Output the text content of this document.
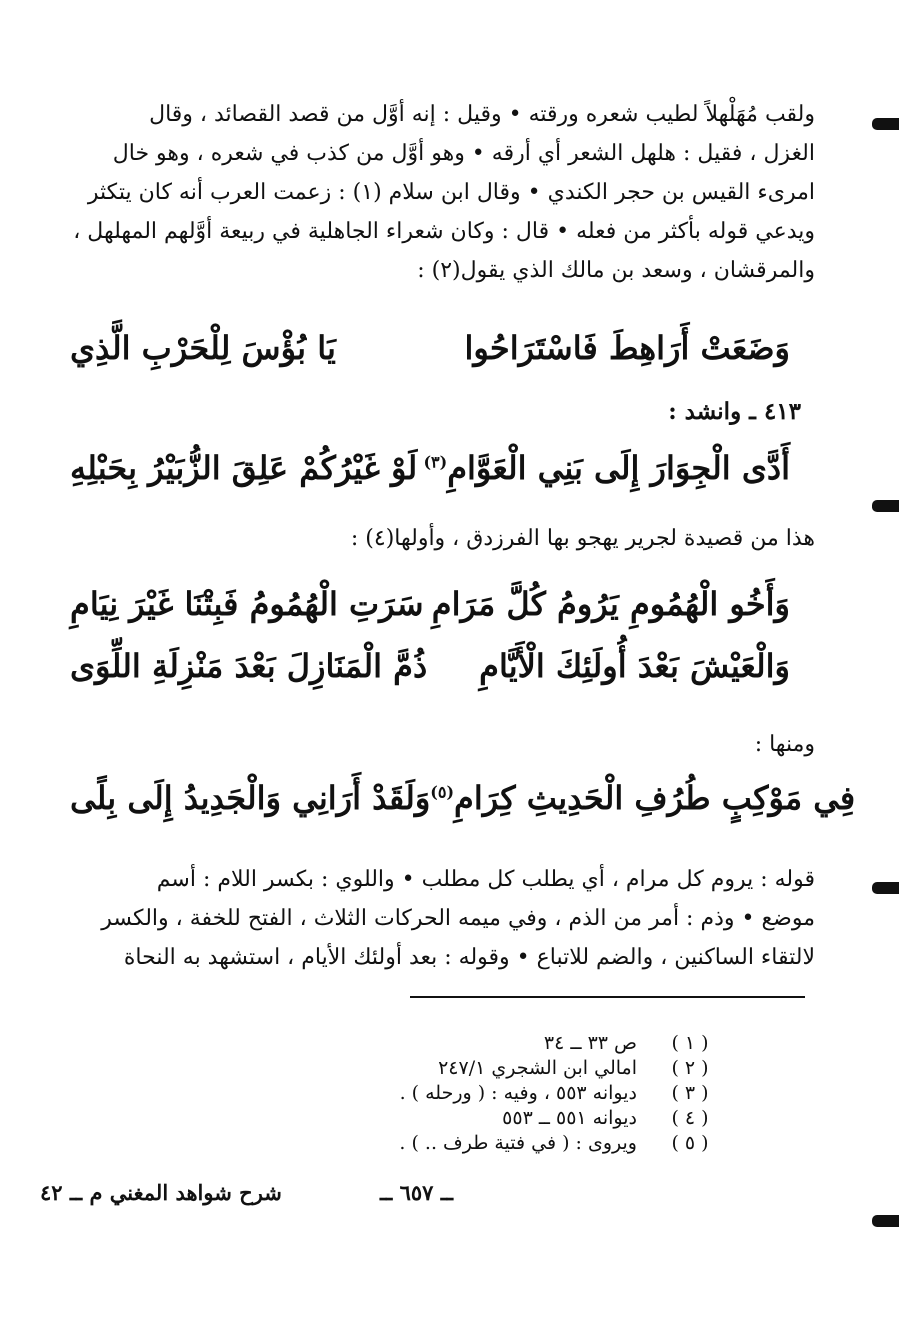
ولقب مُهَلْهلاً لطيب شعره ورقته • وقيل : إنه أوَّل من قصد القصائد ، وقال

الغزل ، فقيل : هلهل الشعر أي أرقه • وهو أوَّل من كذب في شعره ، وهو خال

امرىء القيس بن حجر الكندي • وقال ابن سلام (١) : زعمت العرب أنه كان يتكثر

ويدعي قوله بأكثر من فعله • قال : وكان شعراء الجاهلية في ربيعة أوَّلهم المهلهل ،

والمرقشان ، وسعد بن مالك الذي يقول(٢) :

يَا بُؤْسَ لِلْحَرْبِ الَّذِي	وَضَعَتْ أَرَاهِطَ فَاسْتَرَاحُوا
٤١٣ ـ وانشد :
لَوْ غَيْرُكُمْ عَلِقَ الزُّبَيْرُ بِحَبْلِهِ أَدَّى الْجِوَارَ إِلَى بَنِي الْعَوَّامِ$^{(٣)}$
هذا من قصيدة لجرير يهجو بها الفرزدق ، وأولها(٤) :
سَرَتِ الْهُمُومُ فَبِتْنَا غَيْرَ نِيَامِ وَأَخُو الْهُمُومِ يَرُومُ كُلَّ مَرَامِ
ذُمَّ الْمَنَازِلَ بَعْدَ مَنْزِلَةِ اللِّوَى وَالْعَيْشَ بَعْدَ أُولَئِكَ الْأَيَّامِ
ومنها :
وَلَقَدْ أَرَانِي وَالْجَدِيدُ إِلَى بِلًى فِي مَوْكِبٍ طُرُفِ الْحَدِيثِ كِرَامِ$^{(٥)}$

قوله : يروم كل مرام ، أي يطلب كل مطلب • واللوي : بكسر اللام : أسم

موضع • وذم : أمر من الذم ، وفي ميمه الحركات الثلاث ، الفتح للخفة ، والكسر

لالتقاء الساكنين ، والضم للاتباع • وقوله : بعد أولئك الأيام ، استشهد به النحاة

( ١ )
ص ٣٣ ــ ٣٤
( ٢ )
امالي ابن الشجري ٢٤٧/١
( ٣ )
ديوانه ٥٥٣ ، وفيه : ( ورحله ) .
( ٤ )
ديوانه ٥٥١ ــ ٥٥٣
( ٥ )
ويروى : ( في فتية طرف .. ) .
ــ ٦٥٧ ــ
شرح شواهد المغني م ــ ٤٢
